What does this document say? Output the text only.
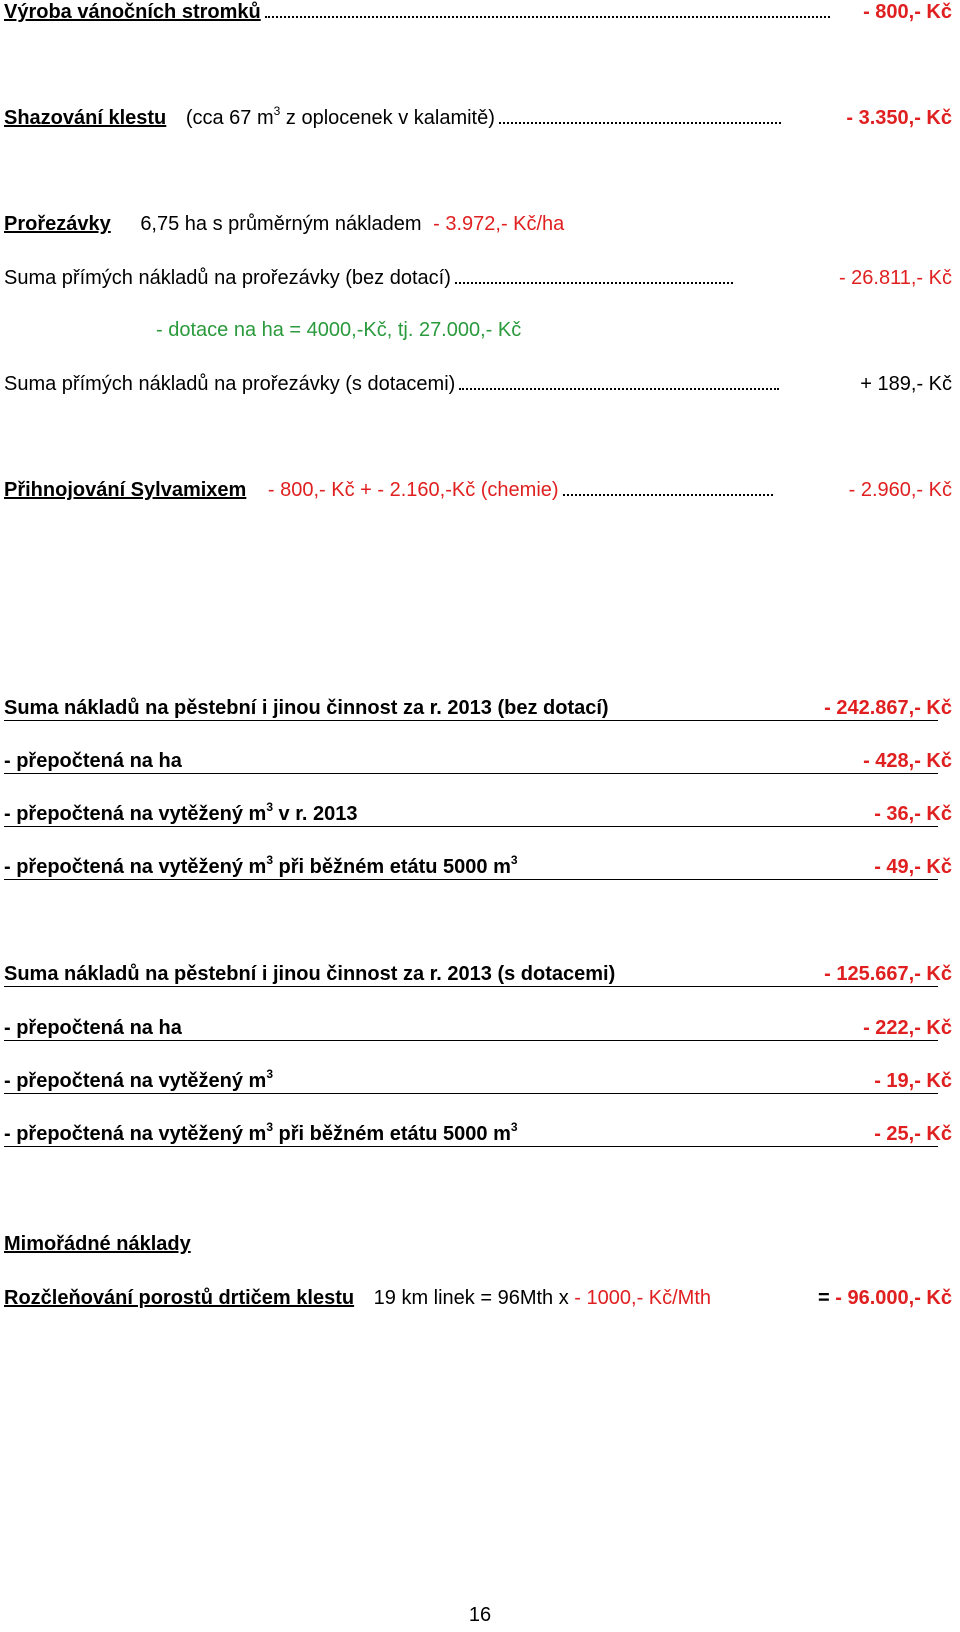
Výroba vánočních stromků	- 800,- Kč
Shazování klestu (cca 67 $m^3$ z oplocenek v kalamitě)	- 3.350,- Kč
Prořezávky 6,75 ha s průměrným nákladem - 3.972,- Kč/ha
Suma přímých nákladů na prořezávky (bez dotací)	- 26.811,- Kč
- dotace na ha = 4000,-Kč, tj. 27.000,- Kč
Suma přímých nákladů na prořezávky (s dotacemi)	+ 189,- Kč
Přihnojování Sylvamixem - 800,- Kč + - 2.160,-Kč (chemie)	- 2.960,- Kč
Suma nákladů na pěstební i jinou činnost za r. 2013 (bez dotací)	- 242.867,- Kč
- přepočtená na ha	- 428,- Kč
- přepočtená na vytěžený $m^3$ v r. 2013	- 36,- Kč
- přepočtená na vytěžený $m^3$ při běžném etátu 5000 $m^3$	- 49,- Kč
Suma nákladů na pěstební i jinou činnost za r. 2013 (s dotacemi)	- 125.667,- Kč
- přepočtená na ha	- 222,- Kč
- přepočtená na vytěžený $m^3$	- 19,- Kč
- přepočtená na vytěžený $m^3$ při běžném etátu 5000 $m^3$	- 25,- Kč
Mimořádné náklady
Rozčleňování porostů drtičem klestu 19 km linek = 96Mth x - 1000,- Kč/Mth	= - 96.000,- Kč
16
